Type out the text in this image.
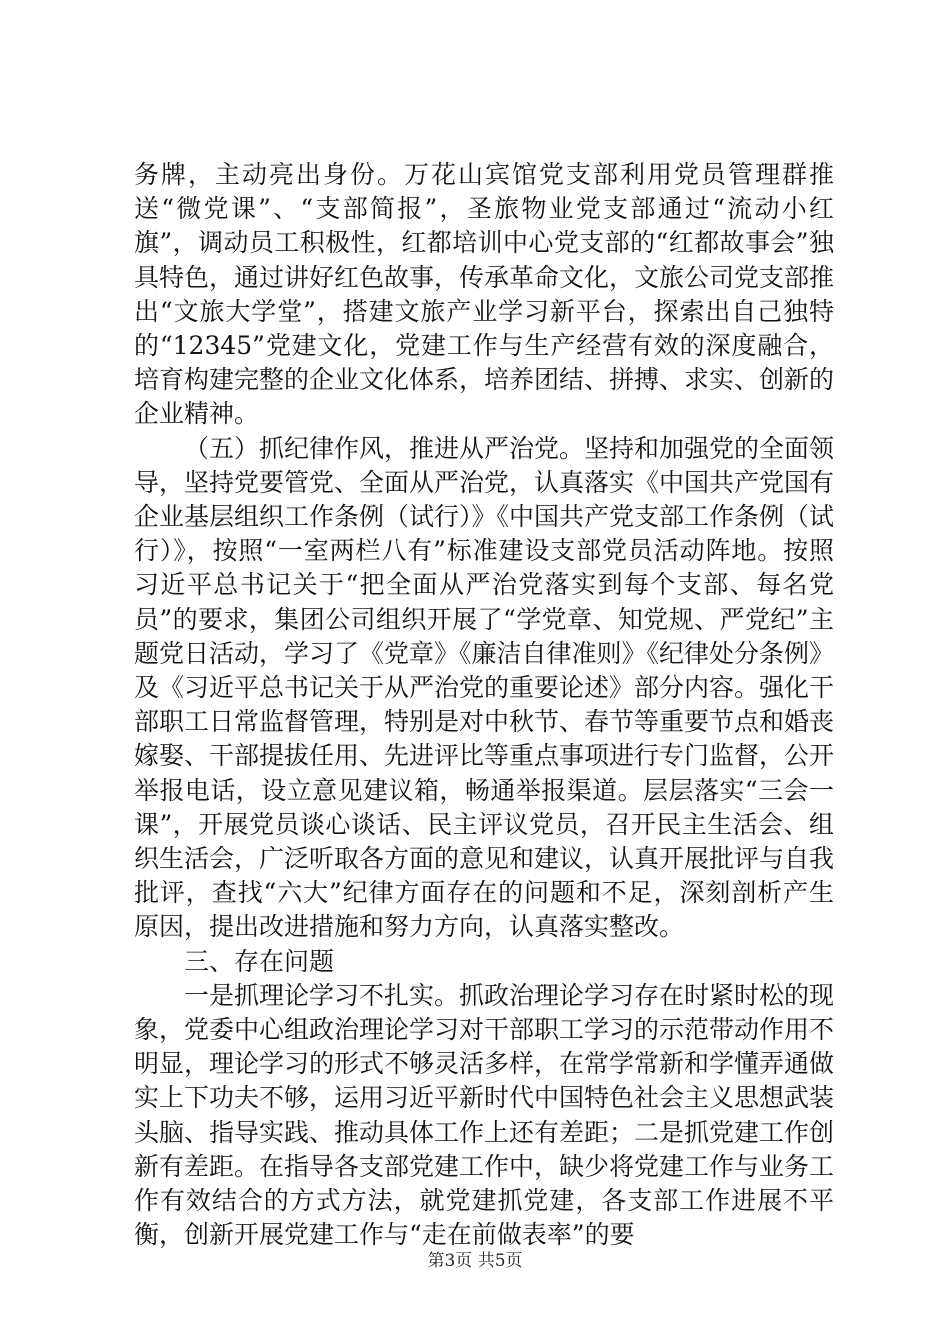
务牌，主动亮出身份。万花山宾馆党支部利用党员管理群推送“微党课”、“支部简报”，圣旅物业党支部通过“流动小红旗”，调动员工积极性，红都培训中心党支部的“红都故事会”独具特色，通过讲好红色故事，传承革命文化，文旅公司党支部推出“文旅大学堂”，搭建文旅产业学习新平台，探索出自己独特的“12345”党建文化，党建工作与生产经营有效的深度融合，培育构建完整的企业文化体系，培养团结、拼搏、求实、创新的企业精神。

（五）抓纪律作风，推进从严治党。坚持和加强党的全面领导，坚持党要管党、全面从严治党，认真落实《中国共产党国有企业基层组织工作条例（试行）》《中国共产党支部工作条例（试行）》，按照“一室两栏八有”标准建设支部党员活动阵地。按照习近平总书记关于“把全面从严治党落实到每个支部、每名党员”的要求，集团公司组织开展了“学党章、知党规、严党纪”主题党日活动，学习了《党章》《廉洁自律准则》《纪律处分条例》及《习近平总书记关于从严治党的重要论述》部分内容。强化干部职工日常监督管理，特别是对中秋节、春节等重要节点和婚丧嫁娶、干部提拔任用、先进评比等重点事项进行专门监督，公开举报电话，设立意见建议箱，畅通举报渠道。层层落实“三会一课”，开展党员谈心谈话、民主评议党员，召开民主生活会、组织生活会，广泛听取各方面的意见和建议，认真开展批评与自我批评，查找“六大”纪律方面存在的问题和不足，深刻剖析产生原因，提出改进措施和努力方向，认真落实整改。

三、存在问题

一是抓理论学习不扎实。抓政治理论学习存在时紧时松的现象，党委中心组政治理论学习对干部职工学习的示范带动作用不明显，理论学习的形式不够灵活多样，在常学常新和学懂弄通做实上下功夫不够，运用习近平新时代中国特色社会主义思想武装头脑、指导实践、推动具体工作上还有差距；二是抓党建工作创新有差距。在指导各支部党建工作中，缺少将党建工作与业务工作有效结合的方式方法，就党建抓党建，各支部工作进展不平衡，创新开展党建工作与“走在前做表率”的要

第3页 共5页
